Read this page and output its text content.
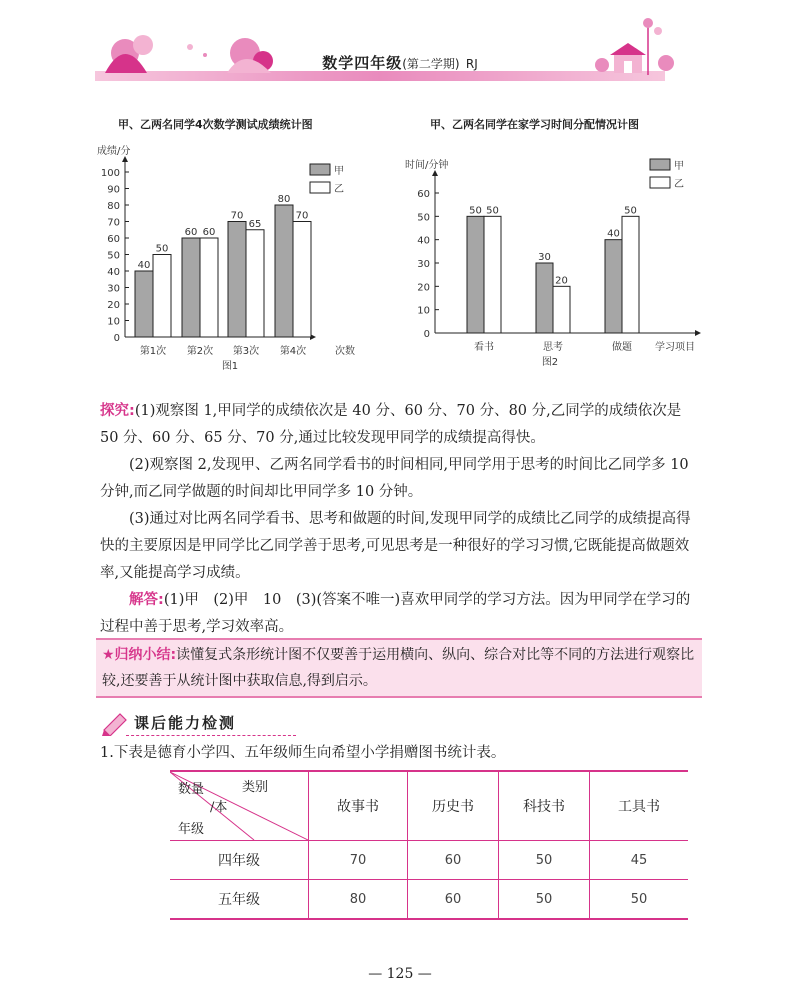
数学四年级(第二学期) RJ
甲、乙两名同学4次数学测试成绩统计图
0
10
20
30
40
50
60
70
80
90
100
成绩/分
次数
图1
40
50
第1次
60 60
第2次
70
65
第3次
80
70
第4次
甲
乙
甲、乙两名同学在家学习时间分配情况计图
0
10
20
30
40
50
60
时间/分钟
学习项目
图2
50 50
看书
30
20
思考
40
50
做题
甲
乙
探究:(1)观察图 1,甲同学的成绩依次是 40 分、60 分、70 分、80 分,乙同学的成绩依次是 50 分、60 分、65 分、70 分,通过比较发现甲同学的成绩提高得快。
(2)观察图 2,发现甲、乙两名同学看书的时间相同,甲同学用于思考的时间比乙同学多 10 分钟,而乙同学做题的时间却比甲同学多 10 分钟。
(3)通过对比两名同学看书、思考和做题的时间,发现甲同学的成绩比乙同学的成绩提高得快的主要原因是甲同学比乙同学善于思考,可见思考是一种很好的学习习惯,它既能提高做题效率,又能提高学习成绩。
解答:(1)甲　(2)甲　10　(3)(答案不唯一)喜欢甲同学的学习方法。因为甲同学在学习的过程中善于思考,学习效率高。
★归纳小结:读懂复式条形统计图不仅要善于运用横向、纵向、综合对比等不同的方法进行观察比较,还要善于从统计图中获取信息,得到启示。
课后能力检测
1.下表是德育小学四、五年级师生向希望小学捐赠图书统计表。
类别
数量
/本
年级	故事书	历史书	科技书	工具书
四年级	70	60	50	45
五年级	80	60	50	50
— 125 —
